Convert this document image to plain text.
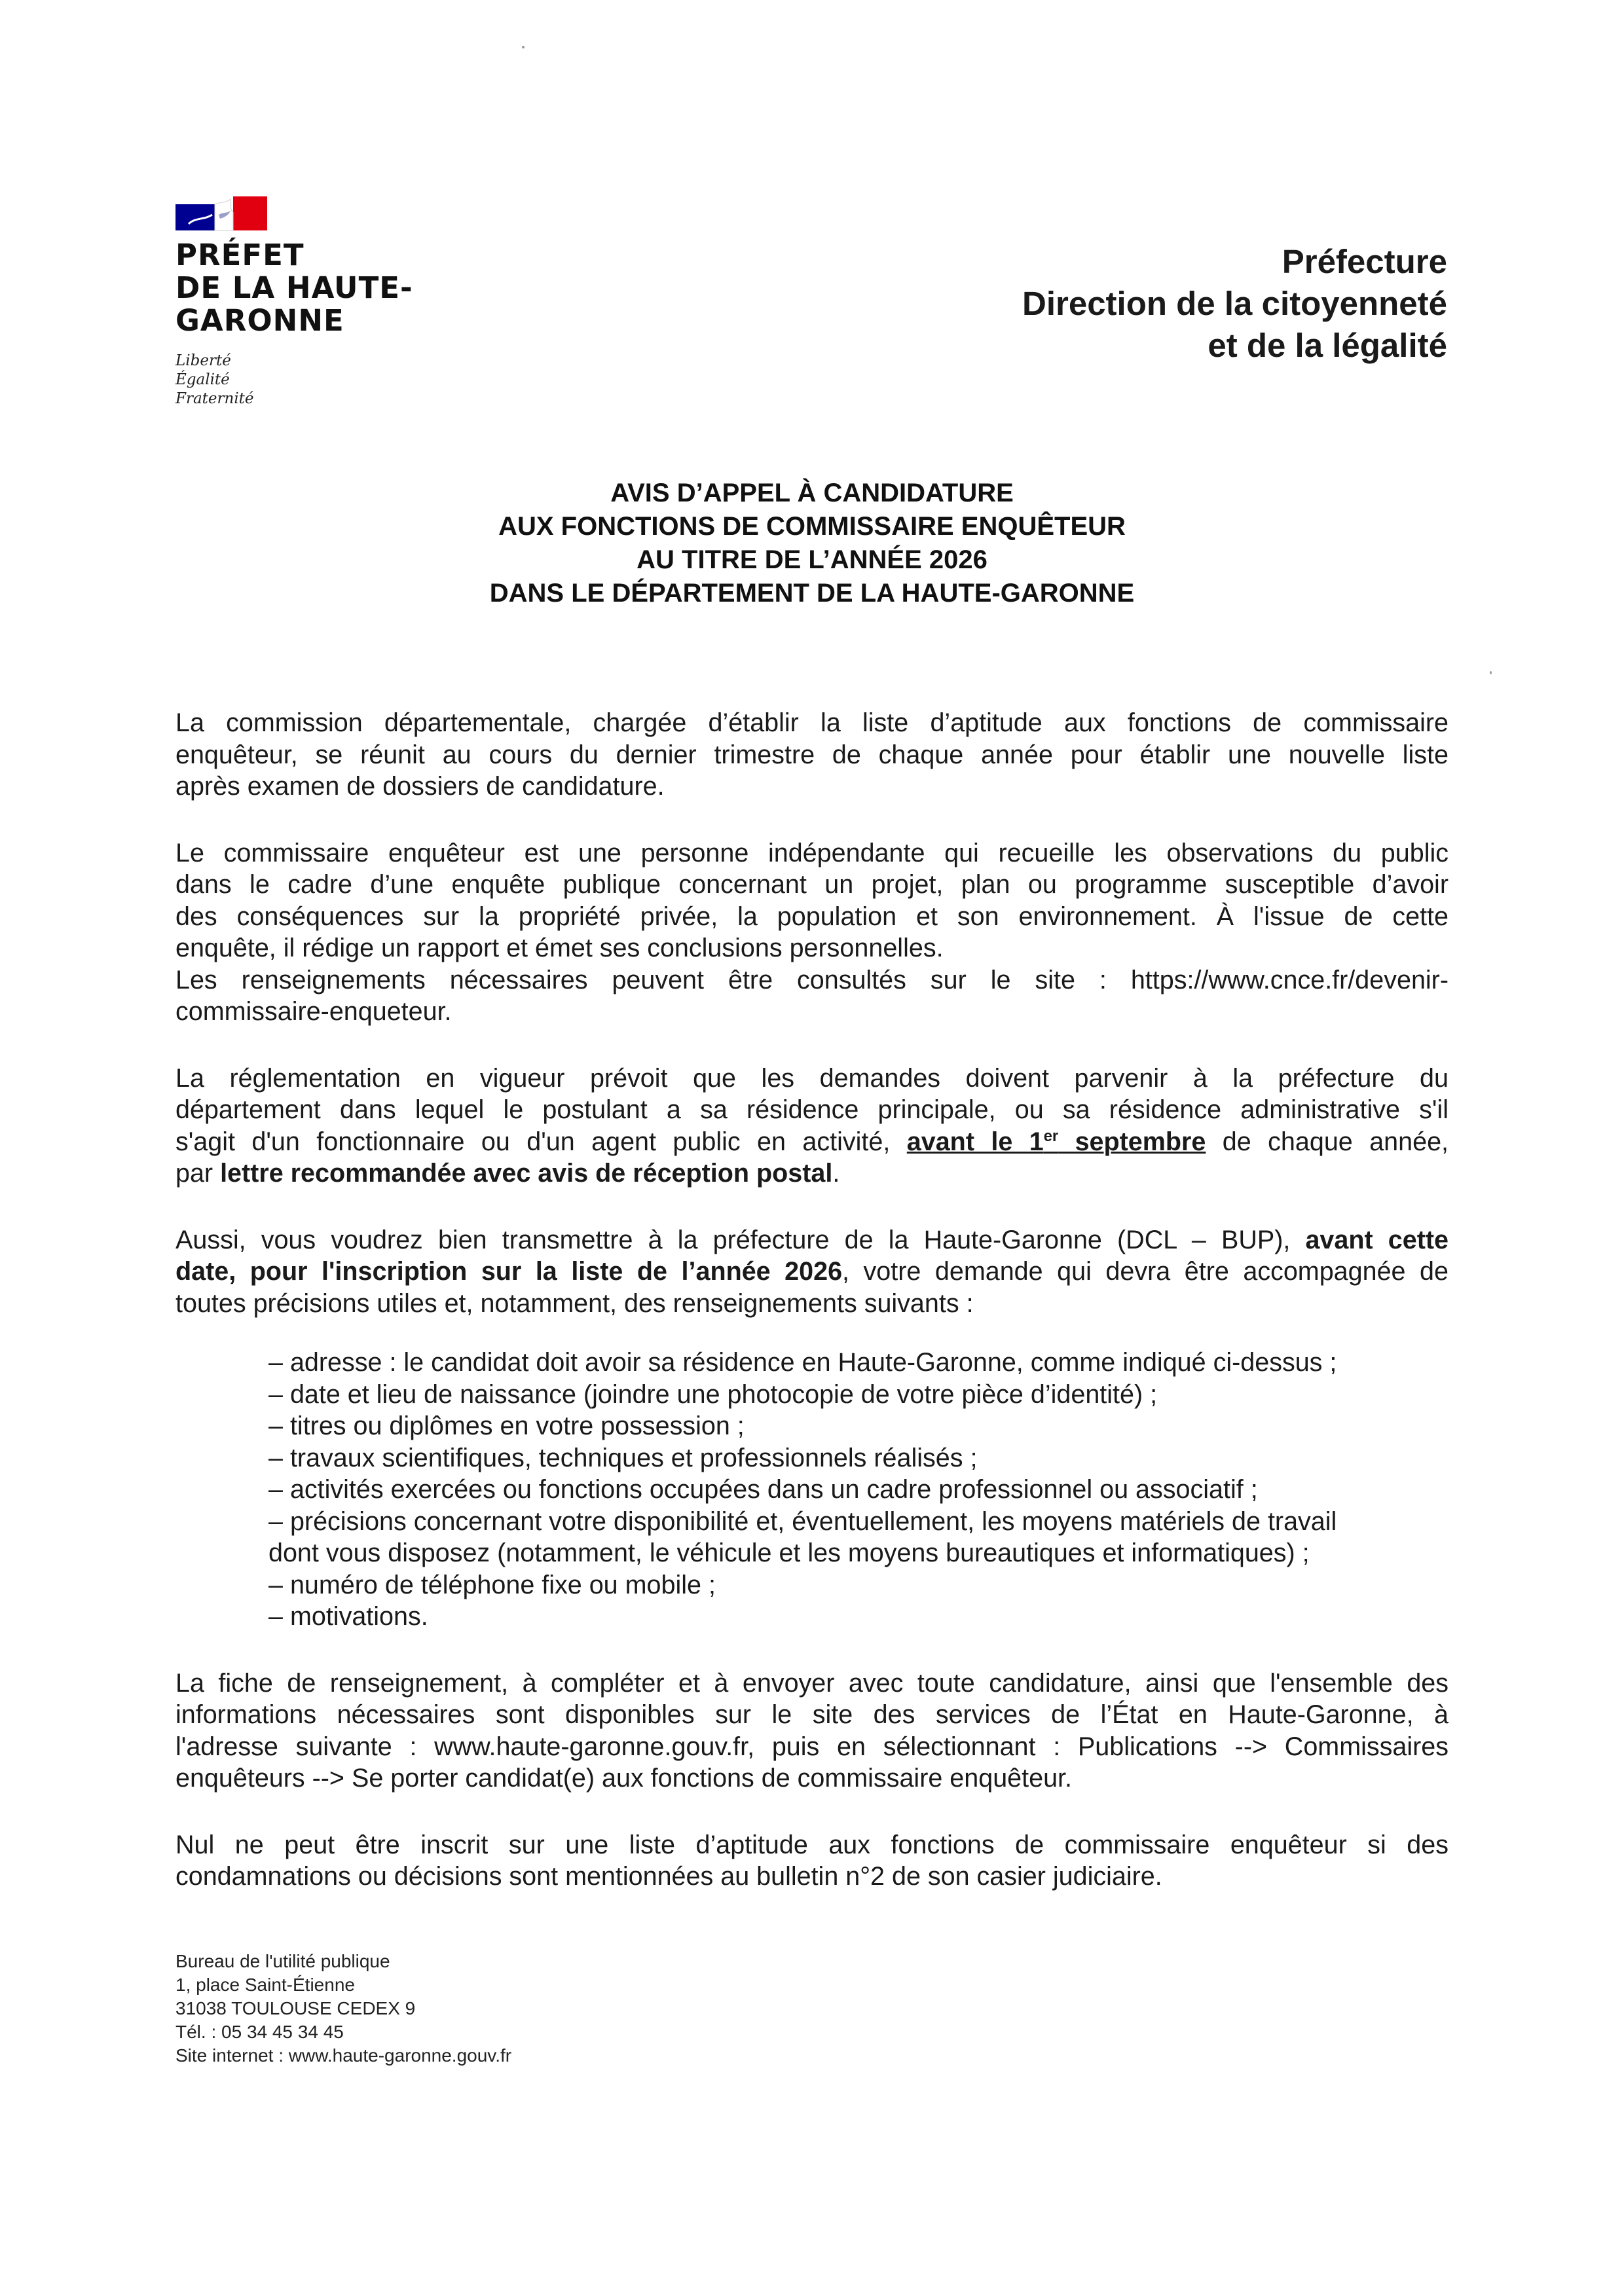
PRÉFET
DE LA HAUTE-
GARONNE
Liberté
Égalité
Fraternité
Préfecture
Direction de la citoyenneté
et de la légalité
AVIS D’APPEL À CANDIDATURE
AUX FONCTIONS DE COMMISSAIRE ENQUÊTEUR
AU TITRE DE L’ANNÉE 2026
DANS LE DÉPARTEMENT DE LA HAUTE-GARONNE
La commission départementale, chargée d’établir la liste d’aptitude aux fonctions de commissaire
enquêteur, se réunit au cours du dernier trimestre de chaque année pour établir une nouvelle liste
après examen de dossiers de candidature.
Le commissaire enquêteur est une personne indépendante qui recueille les observations du public
dans le cadre d’une enquête publique concernant un projet, plan ou programme susceptible d’avoir
des conséquences sur la propriété privée, la population et son environnement. À l'issue de cette
enquête, il rédige un rapport et émet ses conclusions personnelles.
Les renseignements nécessaires peuvent être consultés sur le site : https://www.cnce.fr/devenir-
commissaire-enqueteur.
La réglementation en vigueur prévoit que les demandes doivent parvenir à la préfecture du
département dans lequel le postulant a sa résidence principale, ou sa résidence administrative s'il
s'agit d'un fonctionnaire ou d'un agent public en activité, avant le 1er septembre de chaque année,
par lettre recommandée avec avis de réception postal.
Aussi, vous voudrez bien transmettre à la préfecture de la Haute-Garonne (DCL – BUP), avant cette
date, pour l'inscription sur la liste de l’année 2026, votre demande qui devra être accompagnée de
toutes précisions utiles et, notamment, des renseignements suivants :
– adresse : le candidat doit avoir sa résidence en Haute-Garonne, comme indiqué ci-dessus ;
– date et lieu de naissance (joindre une photocopie de votre pièce d’identité) ;
– titres ou diplômes en votre possession ;
– travaux scientifiques, techniques et professionnels réalisés ;
– activités exercées ou fonctions occupées dans un cadre professionnel ou associatif ;
– précisions concernant votre disponibilité et, éventuellement, les moyens matériels de travail
dont vous disposez (notamment, le véhicule et les moyens bureautiques et informatiques) ;
– numéro de téléphone fixe ou mobile ;
– motivations.
La fiche de renseignement, à compléter et à envoyer avec toute candidature, ainsi que l'ensemble des
informations nécessaires sont disponibles sur le site des services de l’État en Haute-Garonne, à
l'adresse suivante : www.haute-garonne.gouv.fr, puis en sélectionnant : Publications --> Commissaires
enquêteurs --> Se porter candidat(e) aux fonctions de commissaire enquêteur.
Nul ne peut être inscrit sur une liste d’aptitude aux fonctions de commissaire enquêteur si des
condamnations ou décisions sont mentionnées au bulletin n°2 de son casier judiciaire.
Bureau de l'utilité publique
1, place Saint-Étienne
31038 TOULOUSE CEDEX 9
Tél. : 05 34 45 34 45
Site internet : www.haute-garonne.gouv.fr
